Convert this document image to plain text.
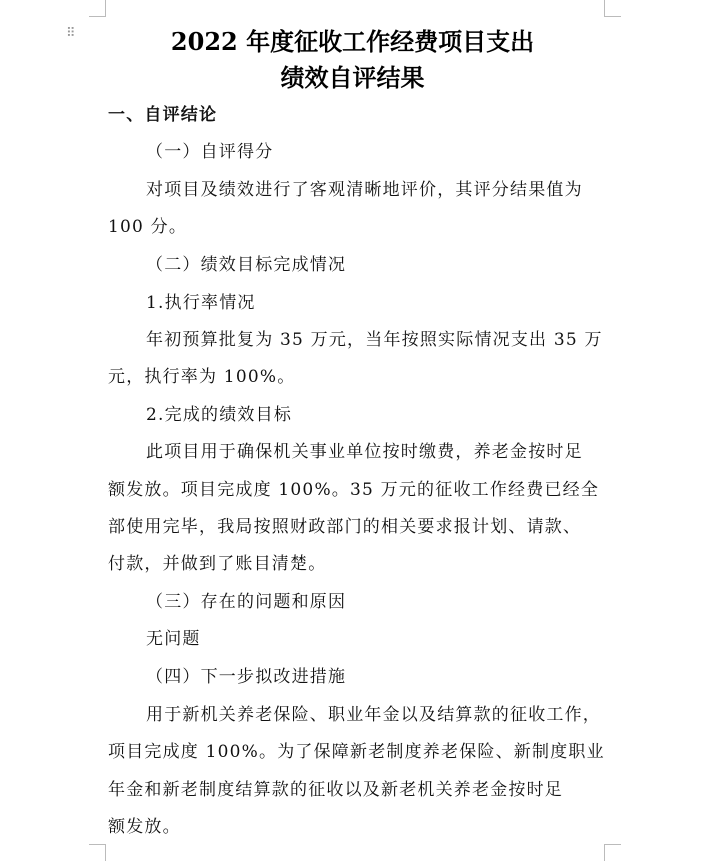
⠿	2022 年度征收工作经费项目支出
绩效自评结果
一、自评结论
（一）自评得分
对项目及绩效进行了客观清晰地评价，其评分结果值为
100 分。
（二）绩效目标完成情况
1.执行率情况
年初预算批复为 35 万元，当年按照实际情况支出 35 万
元，执行率为 100%。
2.完成的绩效目标
此项目用于确保机关事业单位按时缴费，养老金按时足
额发放。项目完成度 100%。35 万元的征收工作经费已经全
部使用完毕，我局按照财政部门的相关要求报计划、请款、
付款，并做到了账目清楚。
（三）存在的问题和原因
无问题
（四）下一步拟改进措施
用于新机关养老保险、职业年金以及结算款的征收工作，
项目完成度 100%。为了保障新老制度养老保险、新制度职业
年金和新老制度结算款的征收以及新老机关养老金按时足
额发放。
